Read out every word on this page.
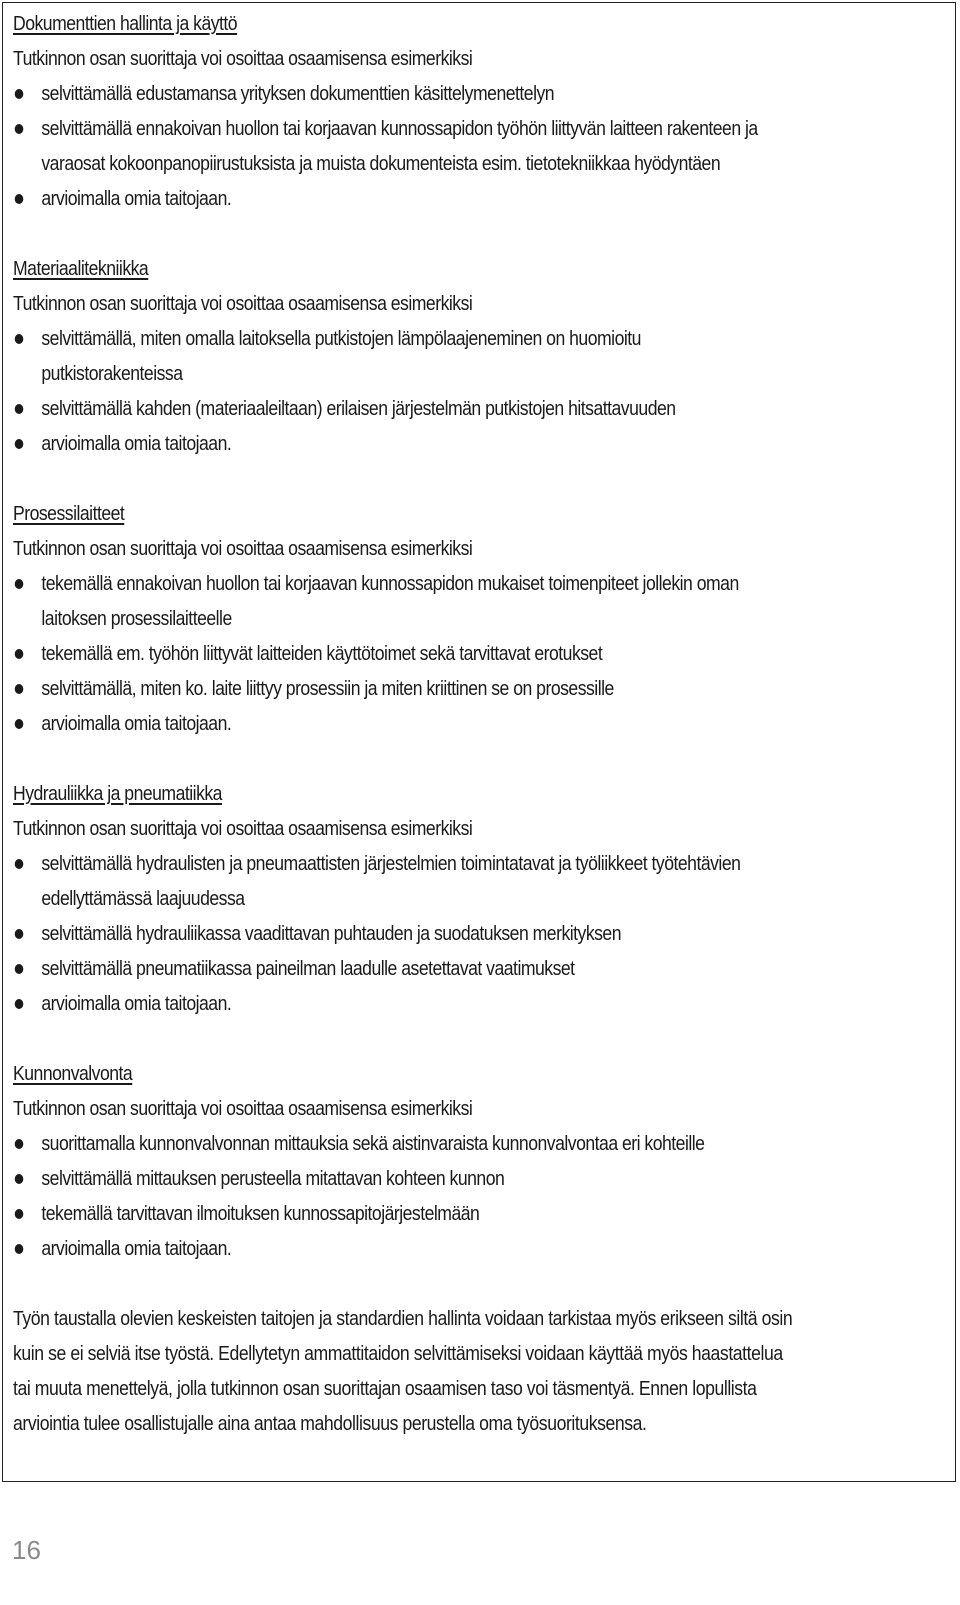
Dokumenttien hallinta ja käyttö
Tutkinnon osan suorittaja voi osoittaa osaamisensa esimerkiksi
selvittämällä edustamansa yrityksen dokumenttien käsittelymenettelyn
selvittämällä ennakoivan huollon tai korjaavan kunnossapidon työhön liittyvän laitteen rakenteen ja
varaosat kokoonpanopiirustuksista ja muista dokumenteista esim. tietotekniikkaa hyödyntäen
arvioimalla omia taitojaan.
Materiaalitekniikka
Tutkinnon osan suorittaja voi osoittaa osaamisensa esimerkiksi
selvittämällä, miten omalla laitoksella putkistojen lämpölaajeneminen on huomioitu
putkistorakenteissa
selvittämällä kahden (materiaaleiltaan) erilaisen järjestelmän putkistojen hitsattavuuden
arvioimalla omia taitojaan.
Prosessilaitteet
Tutkinnon osan suorittaja voi osoittaa osaamisensa esimerkiksi
tekemällä ennakoivan huollon tai korjaavan kunnossapidon mukaiset toimenpiteet jollekin oman
laitoksen prosessilaitteelle
tekemällä em. työhön liittyvät laitteiden käyttötoimet sekä tarvittavat erotukset
selvittämällä, miten ko. laite liittyy prosessiin ja miten kriittinen se on prosessille
arvioimalla omia taitojaan.
Hydrauliikka ja pneumatiikka
Tutkinnon osan suorittaja voi osoittaa osaamisensa esimerkiksi
selvittämällä hydraulisten ja pneumaattisten järjestelmien toimintatavat ja työliikkeet työtehtävien
edellyttämässä laajuudessa
selvittämällä hydrauliikassa vaadittavan puhtauden ja suodatuksen merkityksen
selvittämällä pneumatiikassa paineilman laadulle asetettavat vaatimukset
arvioimalla omia taitojaan.
Kunnonvalvonta
Tutkinnon osan suorittaja voi osoittaa osaamisensa esimerkiksi
suorittamalla kunnonvalvonnan mittauksia sekä aistinvaraista kunnonvalvontaa eri kohteille
selvittämällä mittauksen perusteella mitattavan kohteen kunnon
tekemällä tarvittavan ilmoituksen kunnossapitojärjestelmään
arvioimalla omia taitojaan.
Työn taustalla olevien keskeisten taitojen ja standardien hallinta voidaan tarkistaa myös erikseen siltä osin
kuin se ei selviä itse työstä. Edellytetyn ammattitaidon selvittämiseksi voidaan käyttää myös haastattelua
tai muuta menettelyä, jolla tutkinnon osan suorittajan osaamisen taso voi täsmentyä. Ennen lopullista
arviointia tulee osallistujalle aina antaa mahdollisuus perustella oma työsuorituksensa.
16
